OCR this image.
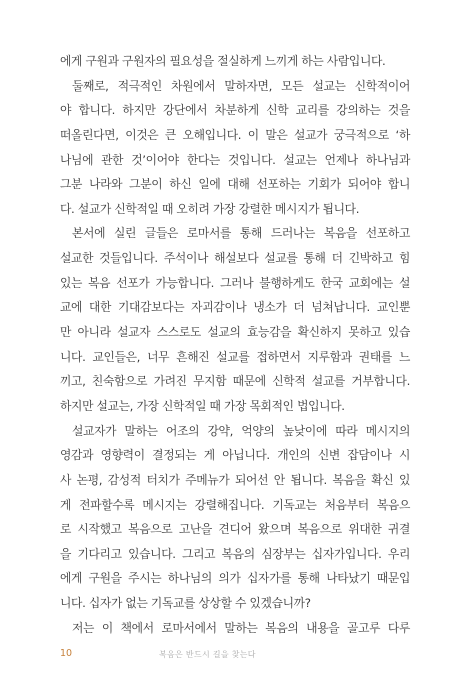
에게 구원과 구원자의 필요성을 절실하게 느끼게 하는 사람입니다.
둘째로, 적극적인 차원에서 말하자면, 모든 설교는 신학적이어
야 합니다. 하지만 강단에서 차분하게 신학 교리를 강의하는 것을
떠올린다면, 이것은 큰 오해입니다. 이 말은 설교가 궁극적으로 ‘하
나님에 관한 것’이어야 한다는 것입니다. 설교는 언제나 하나님과
그분 나라와 그분이 하신 일에 대해 선포하는 기회가 되어야 합니
다. 설교가 신학적일 때 오히려 가장 강렬한 메시지가 됩니다.
본서에 실린 글들은 로마서를 통해 드러나는 복음을 선포하고
설교한 것들입니다. 주석이나 해설보다 설교를 통해 더 긴박하고 힘
있는 복음 선포가 가능합니다. 그러나 불행하게도 한국 교회에는 설
교에 대한 기대감보다는 자괴감이나 냉소가 더 넘쳐납니다. 교인뿐
만 아니라 설교자 스스로도 설교의 효능감을 확신하지 못하고 있습
니다. 교인들은, 너무 흔해진 설교를 접하면서 지루함과 권태를 느
끼고, 친숙함으로 가려진 무지함 때문에 신학적 설교를 거부합니다.
하지만 설교는, 가장 신학적일 때 가장 목회적인 법입니다.
설교자가 말하는 어조의 강약, 억양의 높낮이에 따라 메시지의
영감과 영향력이 결정되는 게 아닙니다. 개인의 신변 잡담이나 시
사 논평, 감성적 터치가 주메뉴가 되어선 안 됩니다. 복음을 확신 있
게 전파할수록 메시지는 강렬해집니다. 기독교는 처음부터 복음으
로 시작했고 복음으로 고난을 견디어 왔으며 복음으로 위대한 귀결
을 기다리고 있습니다. 그리고 복음의 심장부는 십자가입니다. 우리
에게 구원을 주시는 하나님의 의가 십자가를 통해 나타났기 때문입
니다. 십자가 없는 기독교를 상상할 수 있겠습니까?
저는 이 책에서 로마서에서 말하는 복음의 내용을 골고루 다루
10	복음은 반드시 길을 찾는다
